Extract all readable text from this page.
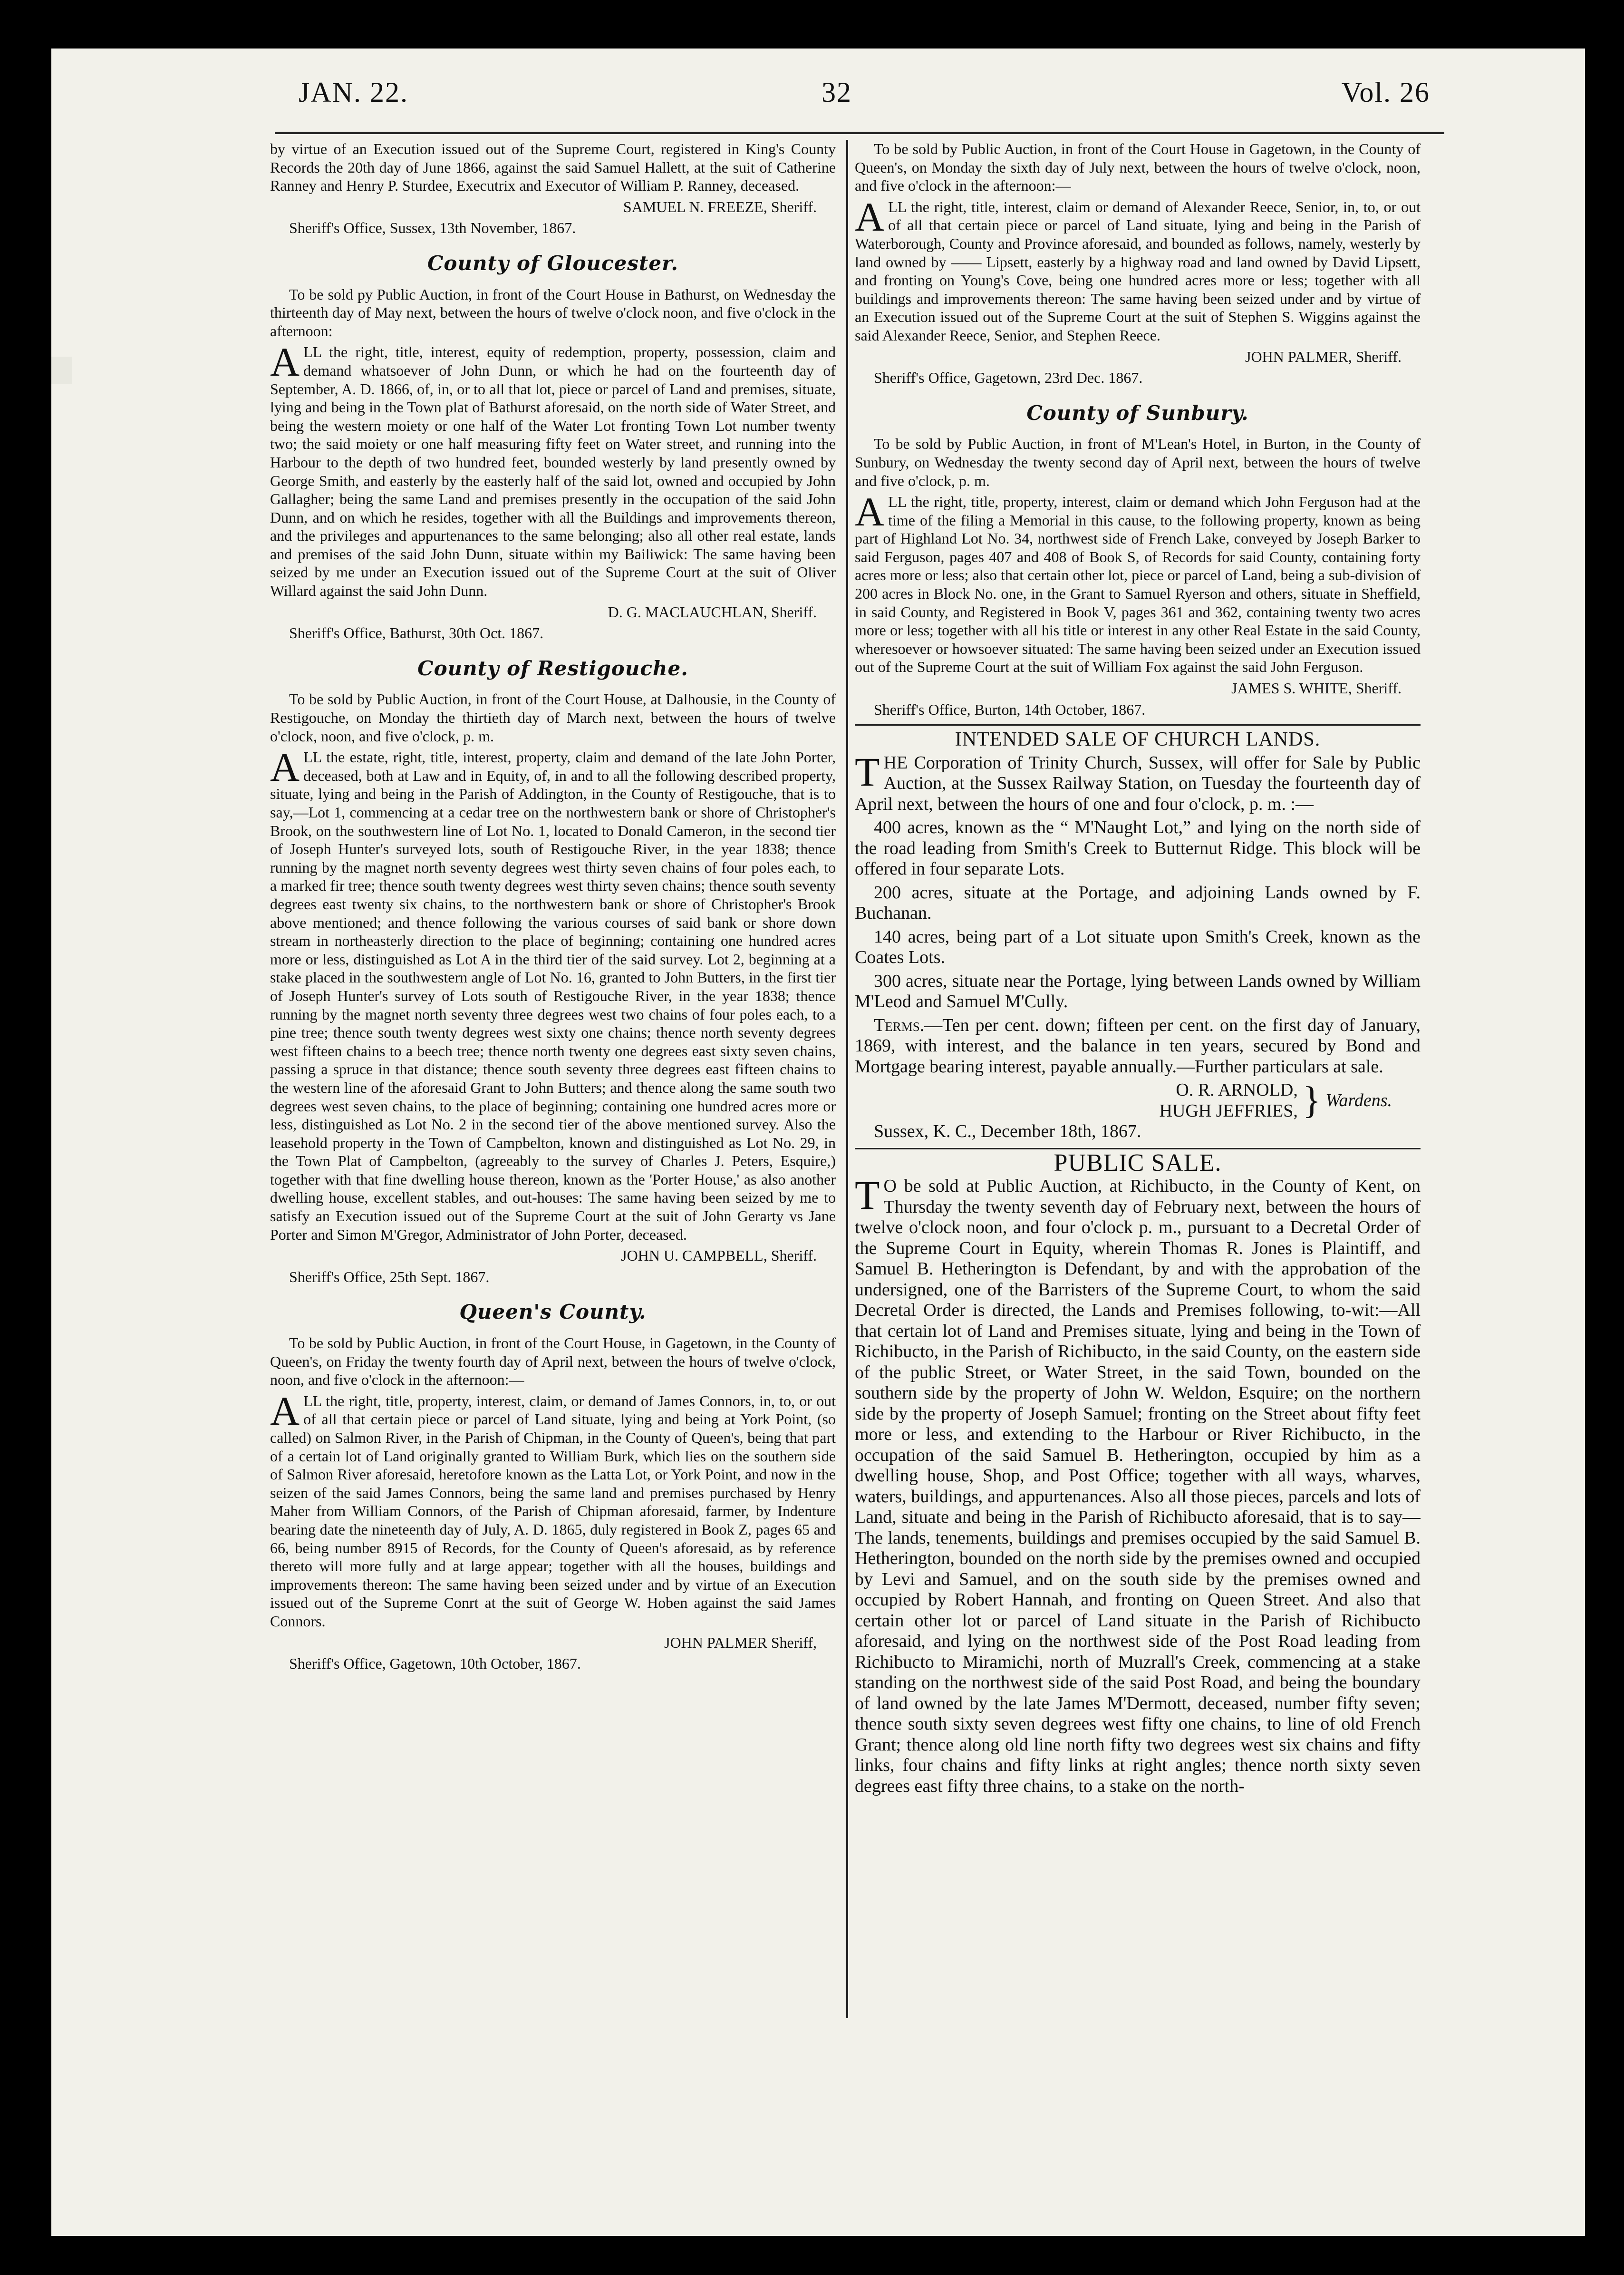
JAN. 22.	32	Vol. 26

by virtue of an Execution issued out of the Supreme Court, registered in King's County Records the 20th day of June 1866, against the said Samuel Hallett, at the suit of Catherine Ranney and Henry P. Sturdee, Executrix and Executor of William P. Ranney, deceased.

SAMUEL N. FREEZE, Sheriff.

Sheriff's Office, Sussex, 13th November, 1867.

County of Gloucester.

To be sold py Public Auction, in front of the Court House in Bathurst, on Wednesday the thirteenth day of May next, between the hours of twelve o'clock noon, and five o'clock in the afternoon:

ALL the right, title, interest, equity of redemption, property, possession, claim and demand whatsoever of John Dunn, or which he had on the fourteenth day of September, A. D. 1866, of, in, or to all that lot, piece or parcel of Land and premises, situate, lying and being in the Town plat of Bathurst aforesaid, on the north side of Water Street, and being the western moiety or one half of the Water Lot fronting Town Lot number twenty two; the said moiety or one half measuring fifty feet on Water street, and running into the Harbour to the depth of two hundred feet, bounded westerly by land presently owned by George Smith, and easterly by the easterly half of the said lot, owned and occupied by John Gallagher; being the same Land and premises presently in the occupation of the said John Dunn, and on which he resides, together with all the Buildings and improvements thereon, and the privileges and appurtenances to the same belonging; also all other real estate, lands and premises of the said John Dunn, situate within my Bailiwick: The same having been seized by me under an Execution issued out of the Supreme Court at the suit of Oliver Willard against the said John Dunn.

D. G. MACLAUCHLAN, Sheriff.

Sheriff's Office, Bathurst, 30th Oct. 1867.

County of Restigouche.

To be sold by Public Auction, in front of the Court House, at Dalhousie, in the County of Restigouche, on Monday the thirtieth day of March next, between the hours of twelve o'clock, noon, and five o'clock, p. m.

ALL the estate, right, title, interest, property, claim and demand of the late John Porter, deceased, both at Law and in Equity, of, in and to all the following described property, situate, lying and being in the Parish of Addington, in the County of Restigouche, that is to say,—Lot 1, commencing at a cedar tree on the northwestern bank or shore of Christopher's Brook, on the southwestern line of Lot No. 1, located to Donald Cameron, in the second tier of Joseph Hunter's surveyed lots, south of Restigouche River, in the year 1838; thence running by the magnet north seventy degrees west thirty seven chains of four poles each, to a marked fir tree; thence south twenty degrees west thirty seven chains; thence south seventy degrees east twenty six chains, to the northwestern bank or shore of Christopher's Brook above mentioned; and thence following the various courses of said bank or shore down stream in northeasterly direction to the place of beginning; containing one hundred acres more or less, distinguished as Lot A in the third tier of the said survey. Lot 2, beginning at a stake placed in the southwestern angle of Lot No. 16, granted to John Butters, in the first tier of Joseph Hunter's survey of Lots south of Restigouche River, in the year 1838; thence running by the magnet north seventy three degrees west two chains of four poles each, to a pine tree; thence south twenty degrees west sixty one chains; thence north seventy degrees west fifteen chains to a beech tree; thence north twenty one degrees east sixty seven chains, passing a spruce in that distance; thence south seventy three degrees east fifteen chains to the western line of the aforesaid Grant to John Butters; and thence along the same south two degrees west seven chains, to the place of beginning; containing one hundred acres more or less, distinguished as Lot No. 2 in the second tier of the above mentioned survey. Also the leasehold property in the Town of Campbelton, known and distinguished as Lot No. 29, in the Town Plat of Campbelton, (agreeably to the survey of Charles J. Peters, Esquire,) together with that fine dwelling house thereon, known as the 'Porter House,' as also another dwelling house, excellent stables, and out-houses: The same having been seized by me to satisfy an Execution issued out of the Supreme Court at the suit of John Gerarty vs Jane Porter and Simon M'Gregor, Administrator of John Porter, deceased.

JOHN U. CAMPBELL, Sheriff.

Sheriff's Office, 25th Sept. 1867.

Queen's County.

To be sold by Public Auction, in front of the Court House, in Gagetown, in the County of Queen's, on Friday the twenty fourth day of April next, between the hours of twelve o'clock, noon, and five o'clock in the afternoon:—

ALL the right, title, property, interest, claim, or demand of James Connors, in, to, or out of all that certain piece or parcel of Land situate, lying and being at York Point, (so called) on Salmon River, in the Parish of Chipman, in the County of Queen's, being that part of a certain lot of Land originally granted to William Burk, which lies on the southern side of Salmon River aforesaid, heretofore known as the Latta Lot, or York Point, and now in the seizen of the said James Connors, being the same land and premises purchased by Henry Maher from William Connors, of the Parish of Chipman aforesaid, farmer, by Indenture bearing date the nineteenth day of July, A. D. 1865, duly registered in Book Z, pages 65 and 66, being number 8915 of Records, for the County of Queen's aforesaid, as by reference thereto will more fully and at large appear; together with all the houses, buildings and improvements thereon: The same having been seized under and by virtue of an Execution issued out of the Supreme Conrt at the suit of George W. Hoben against the said James Connors.

JOHN PALMER Sheriff,

Sheriff's Office, Gagetown, 10th October, 1867.

To be sold by Public Auction, in front of the Court House in Gagetown, in the County of Queen's, on Monday the sixth day of July next, between the hours of twelve o'clock, noon, and five o'clock in the afternoon:—

ALL the right, title, interest, claim or demand of Alexander Reece, Senior, in, to, or out of all that certain piece or parcel of Land situate, lying and being in the Parish of Waterborough, County and Province aforesaid, and bounded as follows, namely, westerly by land owned by —— Lipsett, easterly by a highway road and land owned by David Lipsett, and fronting on Young's Cove, being one hundred acres more or less; together with all buildings and improvements thereon: The same having been seized under and by virtue of an Execution issued out of the Supreme Court at the suit of Stephen S. Wiggins against the said Alexander Reece, Senior, and Stephen Reece.

JOHN PALMER, Sheriff.

Sheriff's Office, Gagetown, 23rd Dec. 1867.

County of Sunbury.

To be sold by Public Auction, in front of M'Lean's Hotel, in Burton, in the County of Sunbury, on Wednesday the twenty second day of April next, between the hours of twelve and five o'clock, p. m.

ALL the right, title, property, interest, claim or demand which John Ferguson had at the time of the filing a Memorial in this cause, to the following property, known as being part of Highland Lot No. 34, northwest side of French Lake, conveyed by Joseph Barker to said Ferguson, pages 407 and 408 of Book S, of Records for said County, containing forty acres more or less; also that certain other lot, piece or parcel of Land, being a sub-division of 200 acres in Block No. one, in the Grant to Samuel Ryerson and others, situate in Sheffield, in said County, and Registered in Book V, pages 361 and 362, containing twenty two acres more or less; together with all his title or interest in any other Real Estate in the said County, wheresoever or howsoever situated: The same having been seized under an Execution issued out of the Supreme Court at the suit of William Fox against the said John Ferguson.

JAMES S. WHITE, Sheriff.

Sheriff's Office, Burton, 14th October, 1867.

INTENDED SALE OF CHURCH LANDS.

THE Corporation of Trinity Church, Sussex, will offer for Sale by Public Auction, at the Sussex Railway Station, on Tuesday the fourteenth day of April next, between the hours of one and four o'clock, p. m. :—

400 acres, known as the “ M'Naught Lot,” and lying on the north side of the road leading from Smith's Creek to Butternut Ridge. This block will be offered in four separate Lots.

200 acres, situate at the Portage, and adjoining Lands owned by F. Buchanan.

140 acres, being part of a Lot situate upon Smith's Creek, known as the Coates Lots.

300 acres, situate near the Portage, lying between Lands owned by William M'Leod and Samuel M'Cully.

Terms.—Ten per cent. down; fifteen per cent. on the first day of January, 1869, with interest, and the balance in ten years, secured by Bond and Mortgage bearing interest, payable annually.—Further particulars at sale.

O. R. ARNOLD,
HUGH JEFFRIES, } Wardens.

Sussex, K. C., December 18th, 1867.

PUBLIC SALE.

T O be sold at Public Auction, at Richibucto, in the County of Kent, on Thursday the twenty seventh day of February next, between the hours of twelve o'clock noon, and four o'clock p. m., pursuant to a Decretal Order of the Supreme Court in Equity, wherein Thomas R. Jones is Plaintiff, and Samuel B. Hetherington is Defendant, by and with the approbation of the undersigned, one of the Barristers of the Supreme Court, to whom the said Decretal Order is directed, the Lands and Premises following, to-wit:—All that certain lot of Land and Premises situate, lying and being in the Town of Richibucto, in the Parish of Richibucto, in the said County, on the eastern side of the public Street, or Water Street, in the said Town, bounded on the southern side by the property of John W. Weldon, Esquire; on the northern side by the property of Joseph Samuel; fronting on the Street about fifty feet more or less, and extending to the Harbour or River Richibucto, in the occupation of the said Samuel B. Hetherington, occupied by him as a dwelling house, Shop, and Post Office; together with all ways, wharves, waters, buildings, and appurtenances. Also all those pieces, parcels and lots of Land, situate and being in the Parish of Richibucto aforesaid, that is to say—The lands, tenements, buildings and premises occupied by the said Samuel B. Hetherington, bounded on the north side by the premises owned and occupied by Levi and Samuel, and on the south side by the premises owned and occupied by Robert Hannah, and fronting on Queen Street. And also that certain other lot or parcel of Land situate in the Parish of Richibucto aforesaid, and lying on the northwest side of the Post Road leading from Richibucto to Miramichi, north of Muzrall's Creek, commencing at a stake standing on the northwest side of the said Post Road, and being the boundary of land owned by the late James M'Dermott, deceased, number fifty seven; thence south sixty seven degrees west fifty one chains, to line of old French Grant; thence along old line north fifty two degrees west six chains and fifty links, four chains and fifty links at right angles; thence north sixty seven degrees east fifty three chains, to a stake on the north-
